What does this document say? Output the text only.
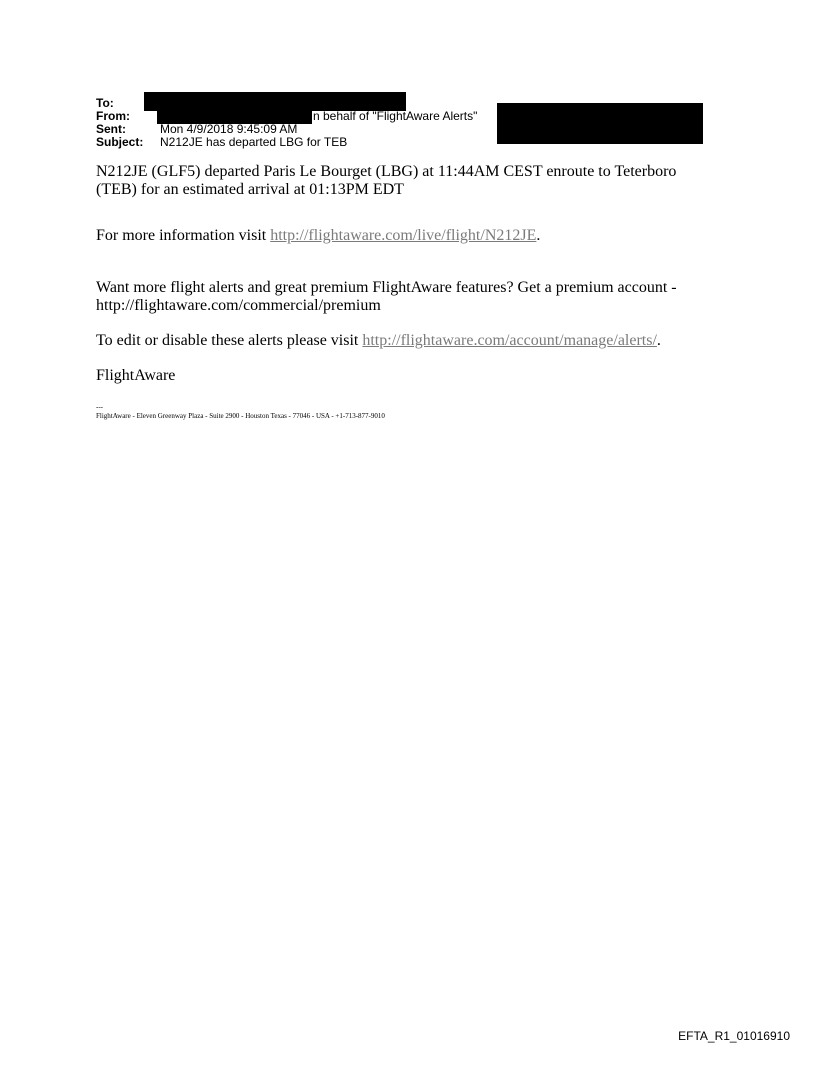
To:
From:	n behalf of "FlightAware Alerts"
Sent:	Mon 4/9/2018 9:45:09 AM
Subject: N212JE has departed LBG for TEB

N212JE (GLF5) departed Paris Le Bourget (LBG) at 11:44AM CEST enroute to Teterboro (TEB) for an estimated arrival at 01:13PM EDT

For more information visit http://flightaware.com/live/flight/N212JE.

Want more flight alerts and great premium FlightAware features? Get a premium account - http://flightaware.com/commercial/premium

To edit or disable these alerts please visit http://flightaware.com/account/manage/alerts/.

FlightAware

---
FlightAware - Eleven Greenway Plaza - Suite 2900 - Houston Texas - 77046 - USA - +1-713-877-9010
EFTA_R1_01016910
